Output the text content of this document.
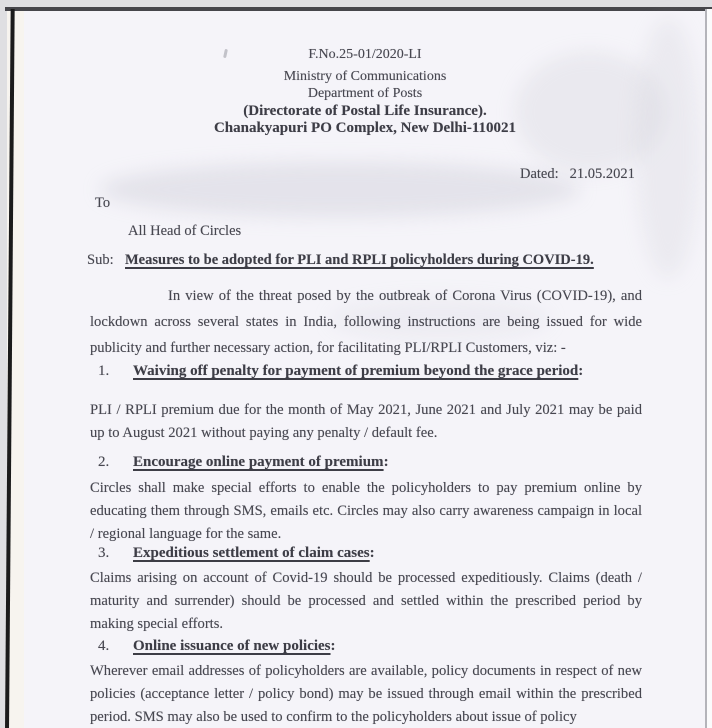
F.No.25-01/2020-LI
Ministry of Communications
Department of Posts
(Directorate of Postal Life Insurance).
Chanakyapuri PO Complex, New Delhi-110021
Dated: 21.05.2021
To
All Head of Circles
Sub: Measures to be adopted for PLI and RPLI policyholders during COVID-19.
In view of the threat posed by the outbreak of Corona Virus (COVID-19), and lockdown across several states in India, following instructions are being issued for wide publicity and further necessary action, for facilitating PLI/RPLI Customers, viz: -
1. Waiving off penalty for payment of premium beyond the grace period:
PLI / RPLI premium due for the month of May 2021, June 2021 and July 2021 may be paid up to August 2021 without paying any penalty / default fee.
2. Encourage online payment of premium:
Circles shall make special efforts to enable the policyholders to pay premium online by educating them through SMS, emails etc. Circles may also carry awareness campaign in local / regional language for the same.
3. Expeditious settlement of claim cases:
Claims arising on account of Covid-19 should be processed expeditiously. Claims (death / maturity and surrender) should be processed and settled within the prescribed period by making special efforts.
4. Online issuance of new policies:
Wherever email addresses of policyholders are available, policy documents in respect of new policies (acceptance letter / policy bond) may be issued through email within the prescribed period. SMS may also be used to confirm to the policyholders about issue of policy
